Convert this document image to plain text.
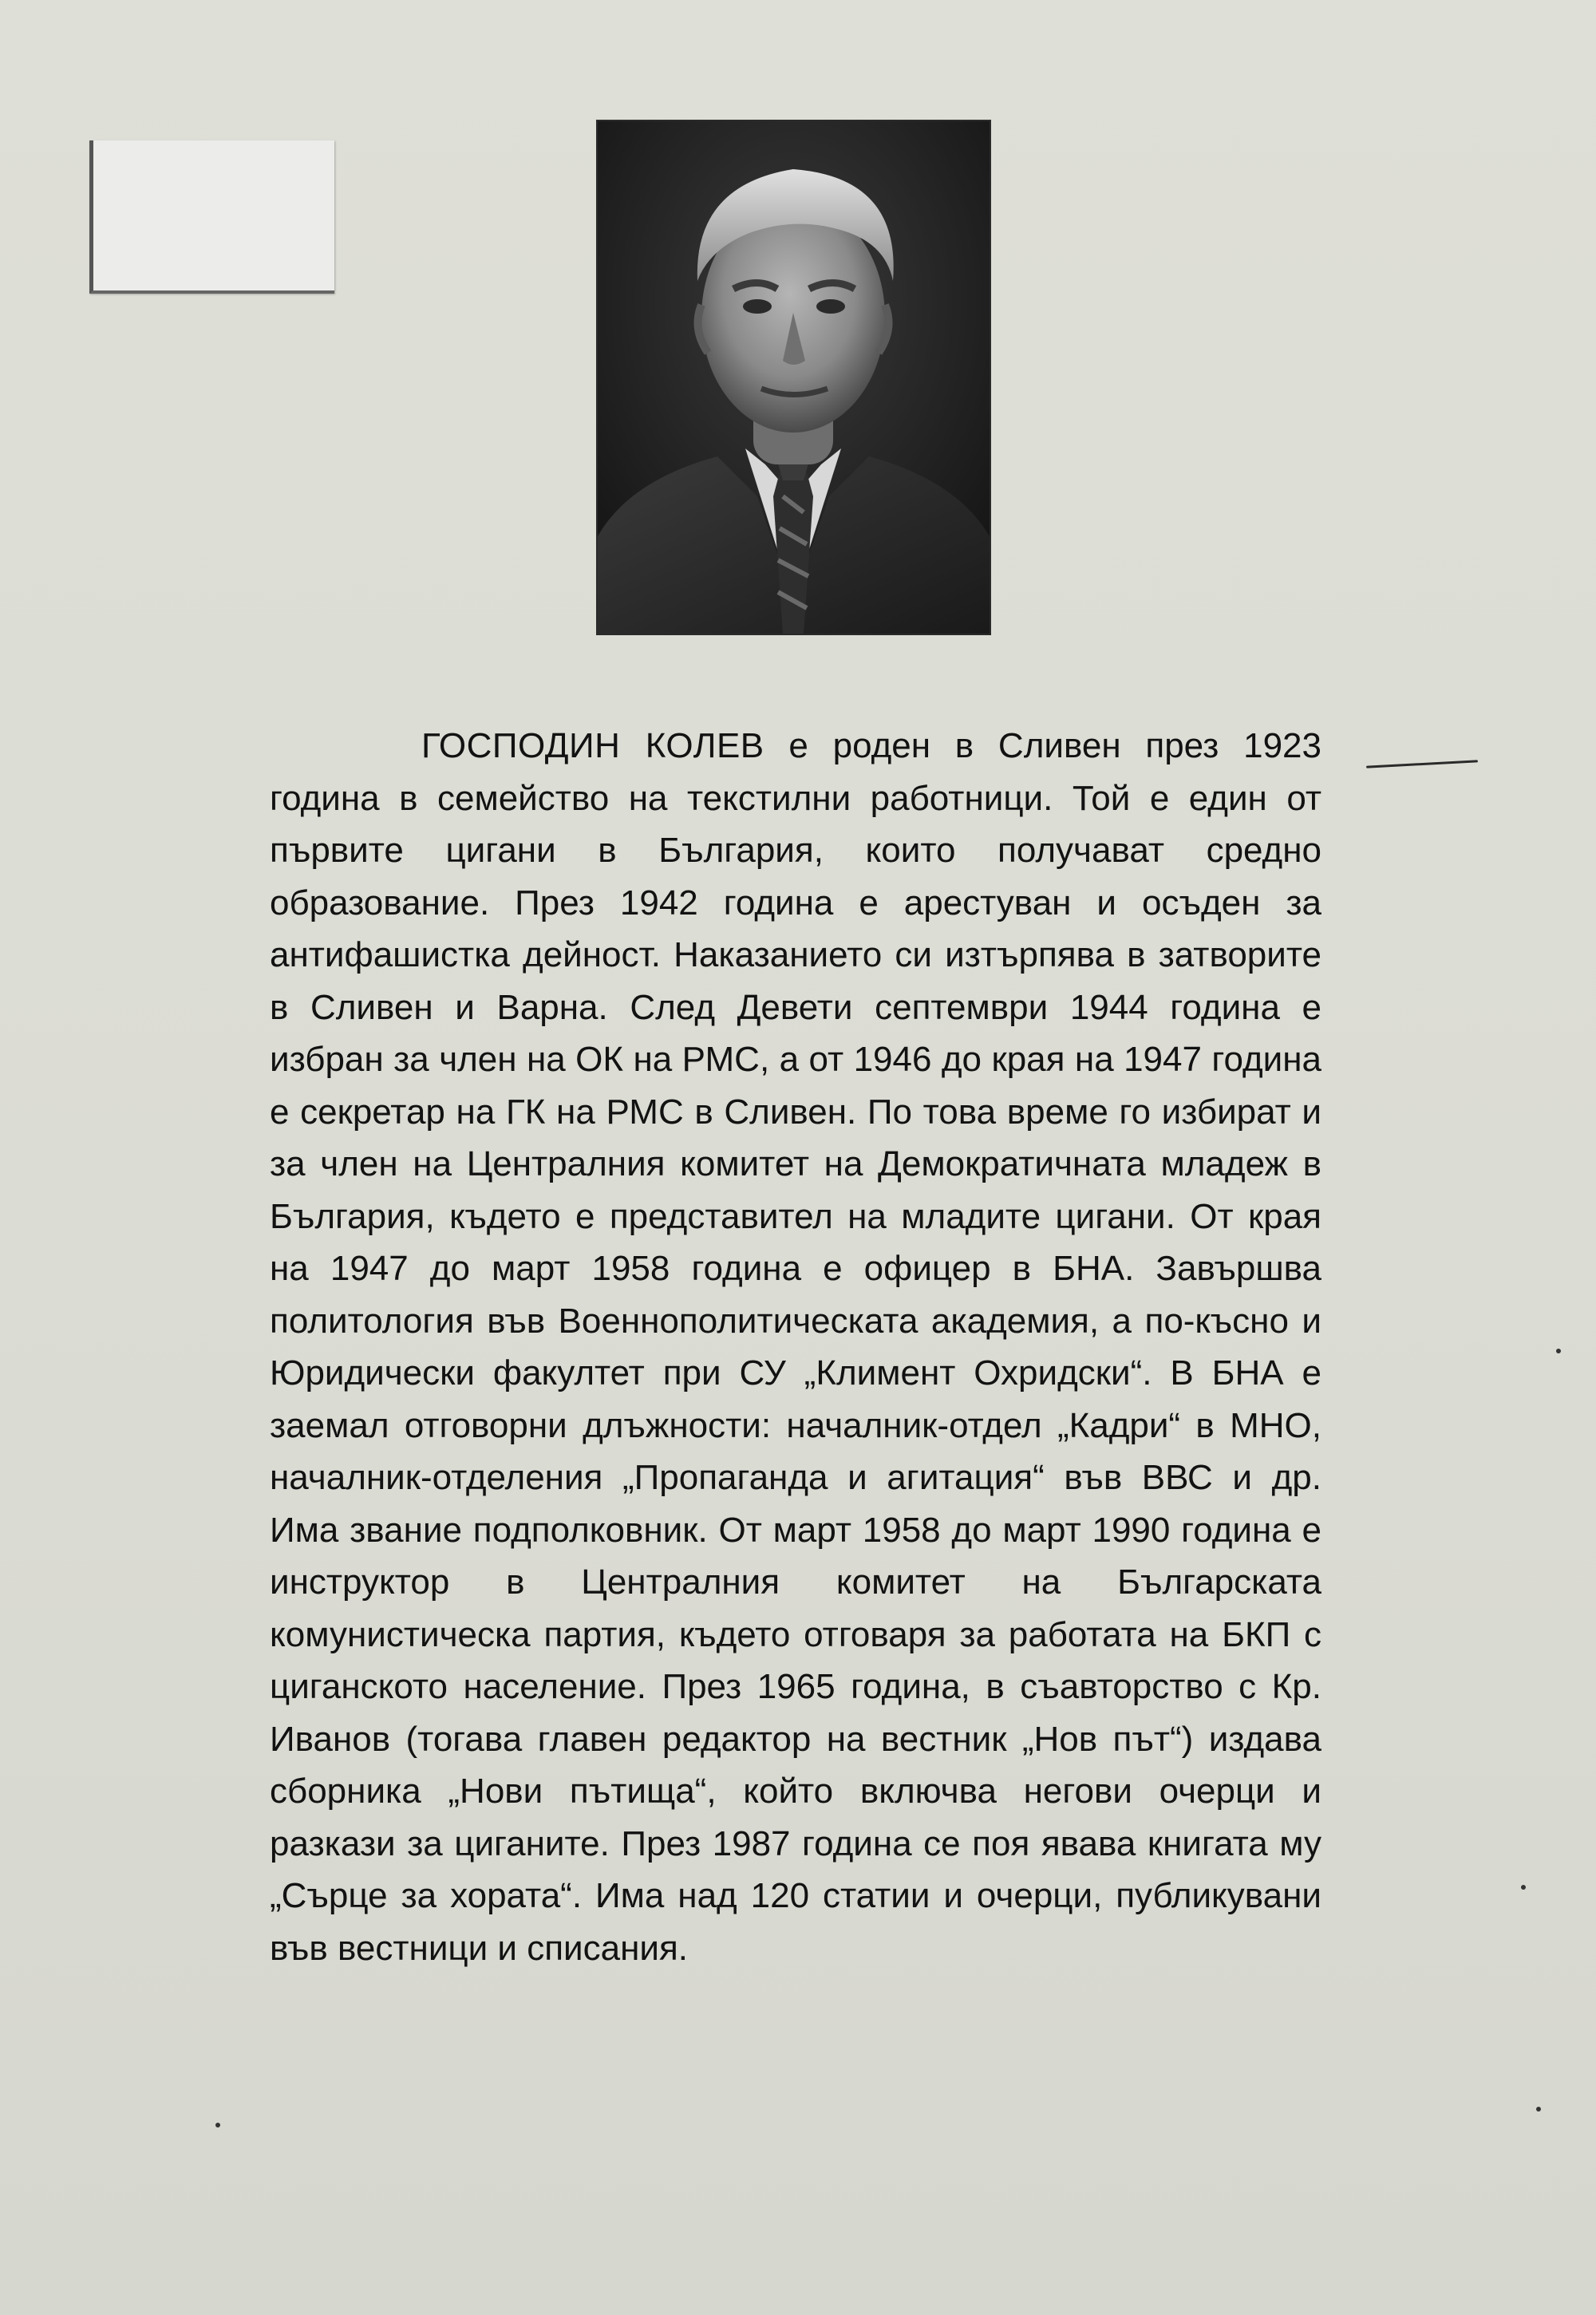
ГОСПОДИН КОЛЕВ е роден в Сливен през 1923 година в семейство на текстилни работници. Той е един от първите цигани в България, които получават средно образование. През 1942 година е арестуван и осъден за антифашистка дейност. Наказанието си изтърпява в затворите в Сливен и Варна. След Девети септември 1944 година е избран за член на ОК на РМС, а от 1946 до края на 1947 година е секретар на ГК на РМС в Сливен. По това време го избират и за член на Централния комитет на Демократичната младеж в България, където е представител на младите цигани. От края на 1947 до март 1958 година е офицер в БНА. Завършва политология във Военнополитическата академия, а по-късно и Юридически факултет при СУ „Климент Охридски“. В БНА е заемал отговорни длъжности: началник-отдел „Кадри“ в МНО, началник-отделения „Пропаганда и агитация“ във ВВС и др. Има звание подполковник. От март 1958 до март 1990 година е инструктор в Централния комитет на Българската комунистическа партия, където отговаря за работата на БКП с циганското население. През 1965 година, в съавторство с Кр. Иванов (тогава главен редактор на вестник „Нов път“) издава сборника „Нови пътища“, който включва негови очерци и разкази за циганите. През 1987 година се поя явава книгата му „Сърце за хората“. Има над 120 статии и очерци, публикувани във вестници и списания.
